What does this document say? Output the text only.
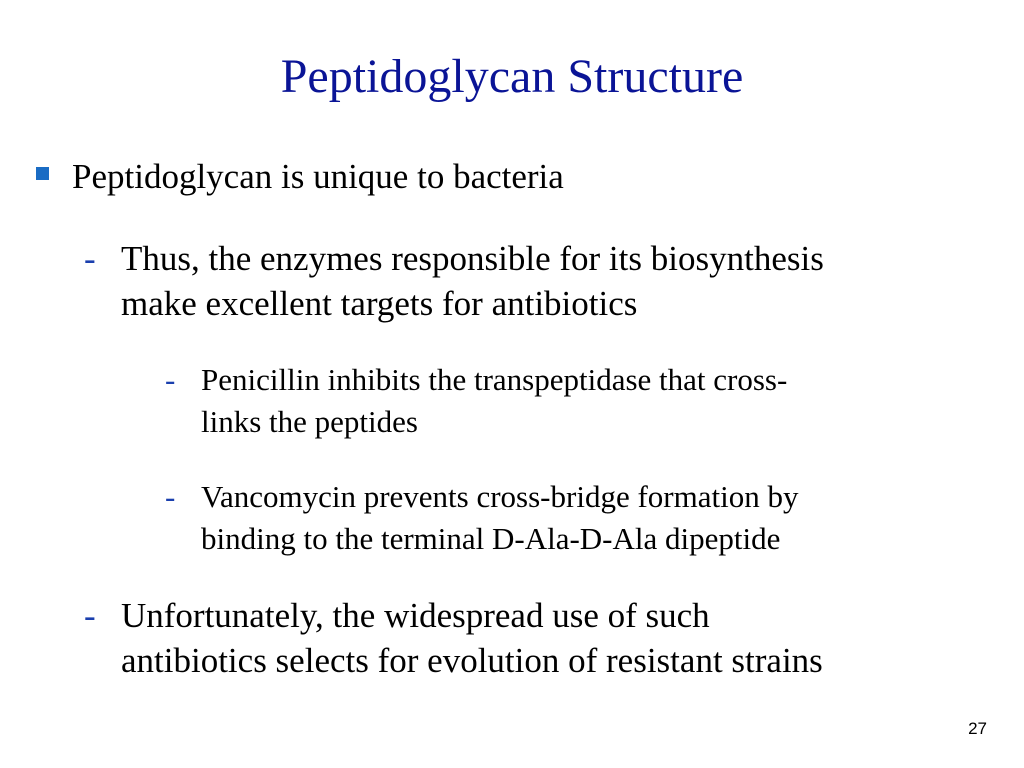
Peptidoglycan Structure
Peptidoglycan is unique to bacteria
- Thus, the enzymes responsible for its biosynthesis
make excellent targets for antibiotics
- Penicillin inhibits the transpeptidase that cross-
links the peptides
- Vancomycin prevents cross-bridge formation by
binding to the terminal D-Ala-D-Ala dipeptide
- Unfortunately, the widespread use of such
antibiotics selects for evolution of resistant strains
27
